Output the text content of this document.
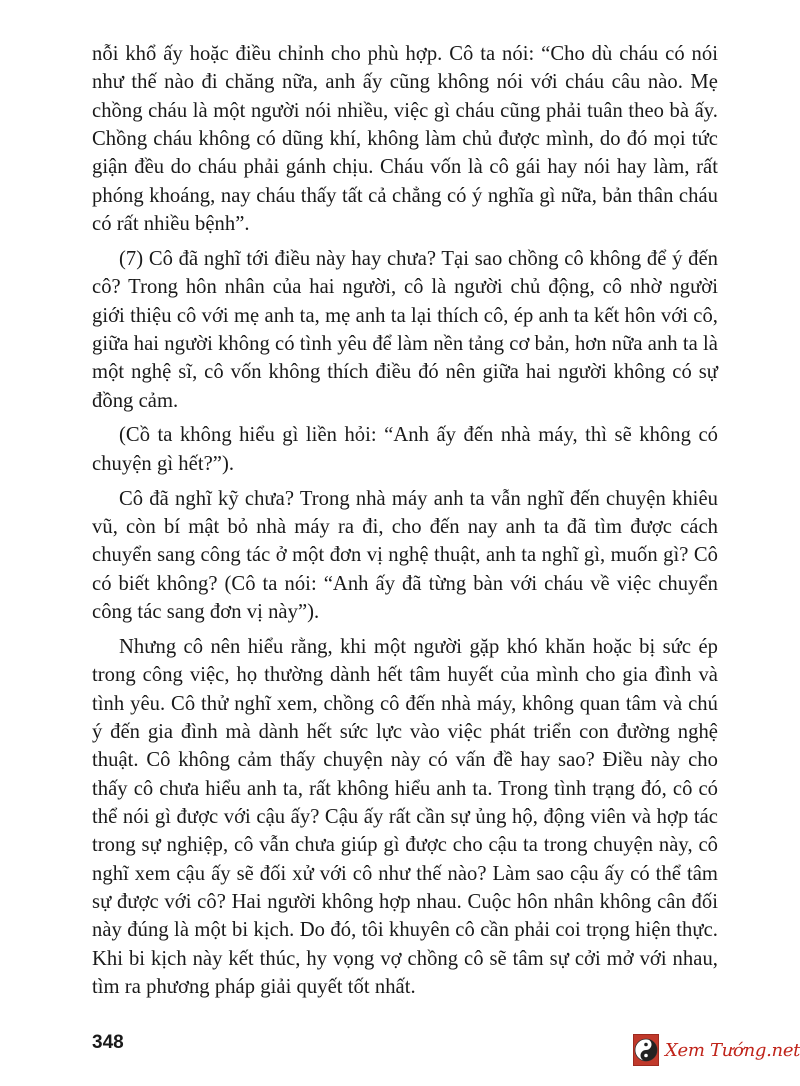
nỗi khổ ấy hoặc điều chỉnh cho phù hợp. Cô ta nói: “Cho dù cháu có nói như thế nào đi chăng nữa, anh ấy cũng không nói với cháu câu nào. Mẹ chồng cháu là một người nói nhiều, việc gì cháu cũng phải tuân theo bà ấy. Chồng cháu không có dũng khí, không làm chủ được mình, do đó mọi tức giận đều do cháu phải gánh chịu. Cháu vốn là cô gái hay nói hay làm, rất phóng khoáng, nay cháu thấy tất cả chẳng có ý nghĩa gì nữa, bản thân cháu có rất nhiều bệnh”.

(7) Cô đã nghĩ tới điều này hay chưa? Tại sao chồng cô không để ý đến cô? Trong hôn nhân của hai người, cô là người chủ động, cô nhờ người giới thiệu cô với mẹ anh ta, mẹ anh ta lại thích cô, ép anh ta kết hôn với cô, giữa hai người không có tình yêu để làm nền tảng cơ bản, hơn nữa anh ta là một nghệ sĩ, cô vốn không thích điều đó nên giữa hai người không có sự đồng cảm.

(Cồ ta không hiểu gì liền hỏi: “Anh ấy đến nhà máy, thì sẽ không có chuyện gì hết?”).

Cô đã nghĩ kỹ chưa? Trong nhà máy anh ta vẫn nghĩ đến chuyện khiêu vũ, còn bí mật bỏ nhà máy ra đi, cho đến nay anh ta đã tìm được cách chuyển sang công tác ở một đơn vị nghệ thuật, anh ta nghĩ gì, muốn gì? Cô có biết không? (Cô ta nói: “Anh ấy đã từng bàn với cháu về việc chuyển công tác sang đơn vị này”).

Nhưng cô nên hiểu rằng, khi một người gặp khó khăn hoặc bị sức ép trong công việc, họ thường dành hết tâm huyết của mình cho gia đình và tình yêu. Cô thử nghĩ xem, chồng cô đến nhà máy, không quan tâm và chú ý đến gia đình mà dành hết sức lực vào việc phát triển con đường nghệ thuật. Cô không cảm thấy chuyện này có vấn đề hay sao? Điều này cho thấy cô chưa hiểu anh ta, rất không hiểu anh ta. Trong tình trạng đó, cô có thể nói gì được với cậu ấy? Cậu ấy rất cần sự ủng hộ, động viên và hợp tác trong sự nghiệp, cô vẫn chưa giúp gì được cho cậu ta trong chuyện này, cô nghĩ xem cậu ấy sẽ đối xử với cô như thế nào? Làm sao cậu ấy có thể tâm sự được với cô? Hai người không hợp nhau. Cuộc hôn nhân không cân đối này đúng là một bi kịch. Do đó, tôi khuyên cô cần phải coi trọng hiện thực. Khi bi kịch này kết thúc, hy vọng vợ chồng cô sẽ tâm sự cởi mở với nhau, tìm ra phương pháp giải quyết tốt nhất.

348	Xem Tướng.net
